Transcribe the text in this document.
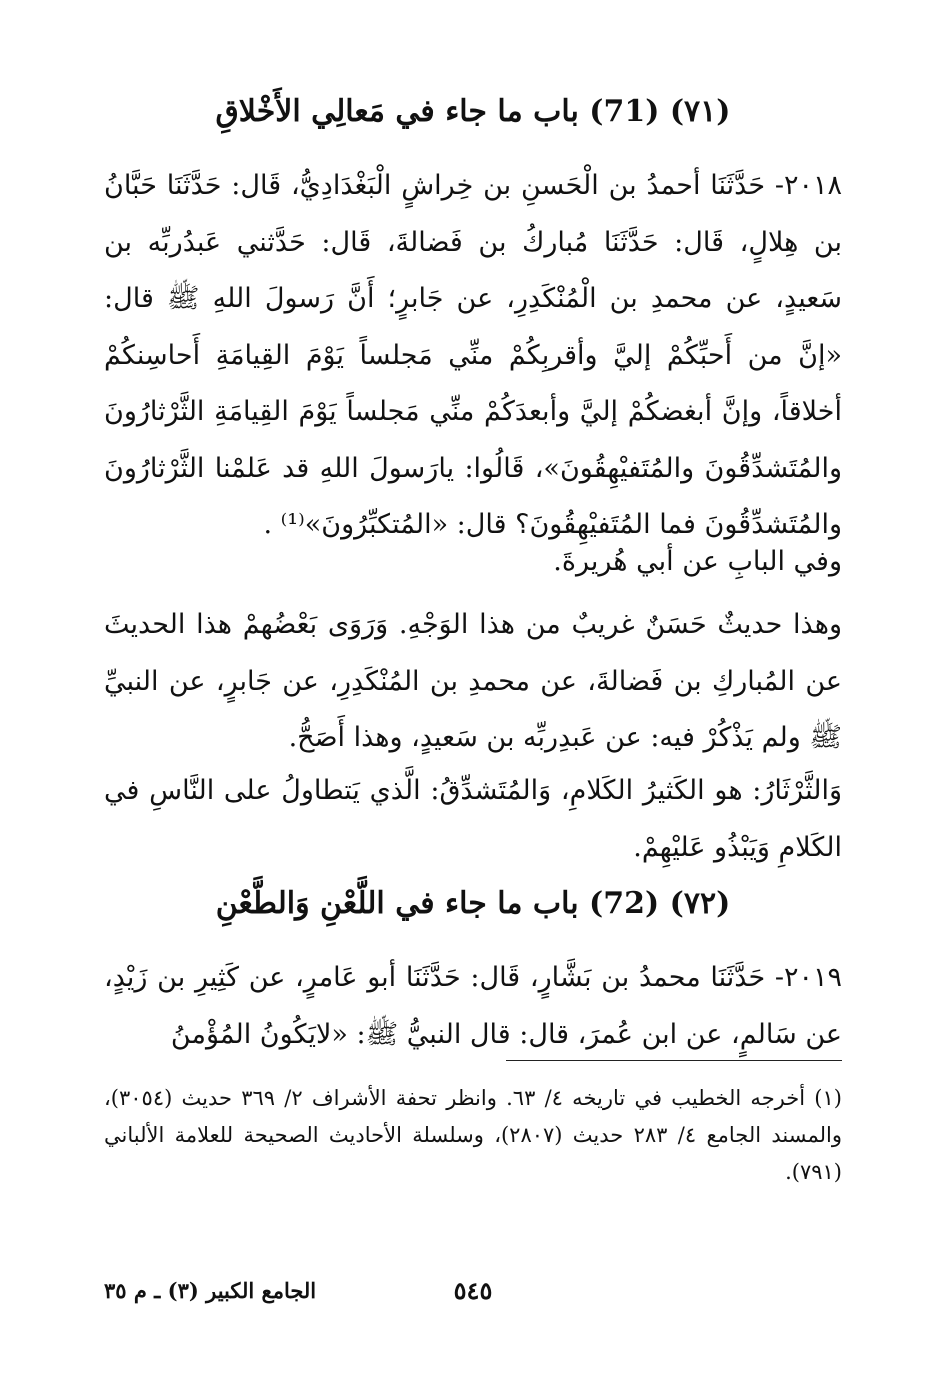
(٧١) (71) باب ما جاء في مَعالِي الأَخْلاقِ
٢٠١٨- حَدَّثَنَا أحمدُ بن الْحَسنِ بن خِراشٍ الْبَغْدَادِيُّ، قَال: حَدَّثَنَا حَبَّانُ بن هِلالٍ، قَال: حَدَّثَنَا مُباركُ بن فَضالةَ، قَال: حَدَّثني عَبدُربِّه بن سَعيدٍ، عن محمدِ بن الْمُنْكَدِرِ، عن جَابرٍ؛ أَنَّ رَسولَ اللهِ ﷺ قال: «إنَّ من أَحبِّكُمْ إليَّ وأقربِكُمْ منِّي مَجلساً يَوْمَ القِيامَةِ أَحاسِنكُمْ أخلاقاً، وإنَّ أبغضكُمْ إليَّ وأبعدَكُمْ منِّي مَجلساً يَوْمَ القِيامَةِ الثَّرْثارُونَ والمُتَشدِّقُونَ والمُتَفيْهِقُونَ»، قَالُوا: يارَسولَ اللهِ قد عَلمْنا الثَّرْثارُونَ والمُتَشدِّقُونَ فما المُتَفيْهِقُونَ؟ قال: «المُتكبِّرُونَ»⁽¹⁾ .
وفي البابِ عن أبي هُريرةَ.
وهذا حديثٌ حَسَنٌ غريبٌ من هذا الوَجْهِ. وَرَوَى بَعْضُهمْ هذا الحديثَ عن المُباركِ بن فَضالةَ، عن محمدِ بن المُنْكَدِرِ، عن جَابرٍ، عن النبيِّ ﷺ ولم يَذْكُرْ فيه: عن عَبدِربِّه بن سَعيدٍ، وهذا أَصَحُّ.
وَالثَّرْثَارُ: هو الكَثيرُ الكَلامِ، وَالمُتَشدِّقُ: الَّذي يَتطاولُ على النَّاسِ في الكَلامِ وَيَبْذُو عَليْهِمْ.
(٧٢) (72) باب ما جاء في اللَّعْنِ وَالطَّعْنِ
٢٠١٩- حَدَّثَنَا محمدُ بن بَشَّارٍ، قَال: حَدَّثَنَا أبو عَامرٍ، عن كَثِيرِ بن زَيْدٍ، عن سَالمٍ، عن ابن عُمرَ، قال: قال النبيُّ ﷺ: «لايَكُونُ المُؤْمنُ
(١) أخرجه الخطيب في تاريخه ٤/ ٦٣. وانظر تحفة الأشراف ٢/ ٣٦٩ حديث (٣٠٥٤)، والمسند الجامع ٤/ ٢٨٣ حديث (٢٨٠٧)، وسلسلة الأحاديث الصحيحة للعلامة الألباني (٧٩١).
٥٤٥
الجامع الكبير (٣) ـ م ٣٥
